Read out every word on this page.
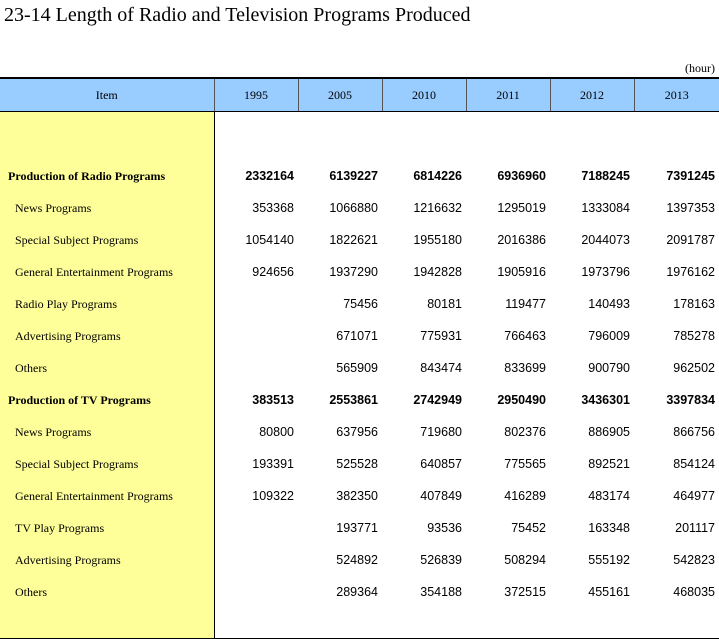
23-14 Length of Radio and Television Programs Produced
(hour)
Item	1995	2005	2010	2011	2012	2013

Production of Radio Programs	2332164	6139227	6814226	6936960	7188245	7391245
News Programs	353368	1066880	1216632	1295019	1333084	1397353
Special Subject Programs	1054140	1822621	1955180	2016386	2044073	2091787
General Entertainment Programs	924656	1937290	1942828	1905916	1973796	1976162
Radio Play Programs		75456	80181	119477	140493	178163
Advertising Programs		671071	775931	766463	796009	785278
Others		565909	843474	833699	900790	962502
Production of TV Programs	383513	2553861	2742949	2950490	3436301	3397834
News Programs	80800	637956	719680	802376	886905	866756
Special Subject Programs	193391	525528	640857	775565	892521	854124
General Entertainment Programs	109322	382350	407849	416289	483174	464977
TV Play Programs		193771	93536	75452	163348	201117
Advertising Programs		524892	526839	508294	555192	542823
Others		289364	354188	372515	455161	468035
